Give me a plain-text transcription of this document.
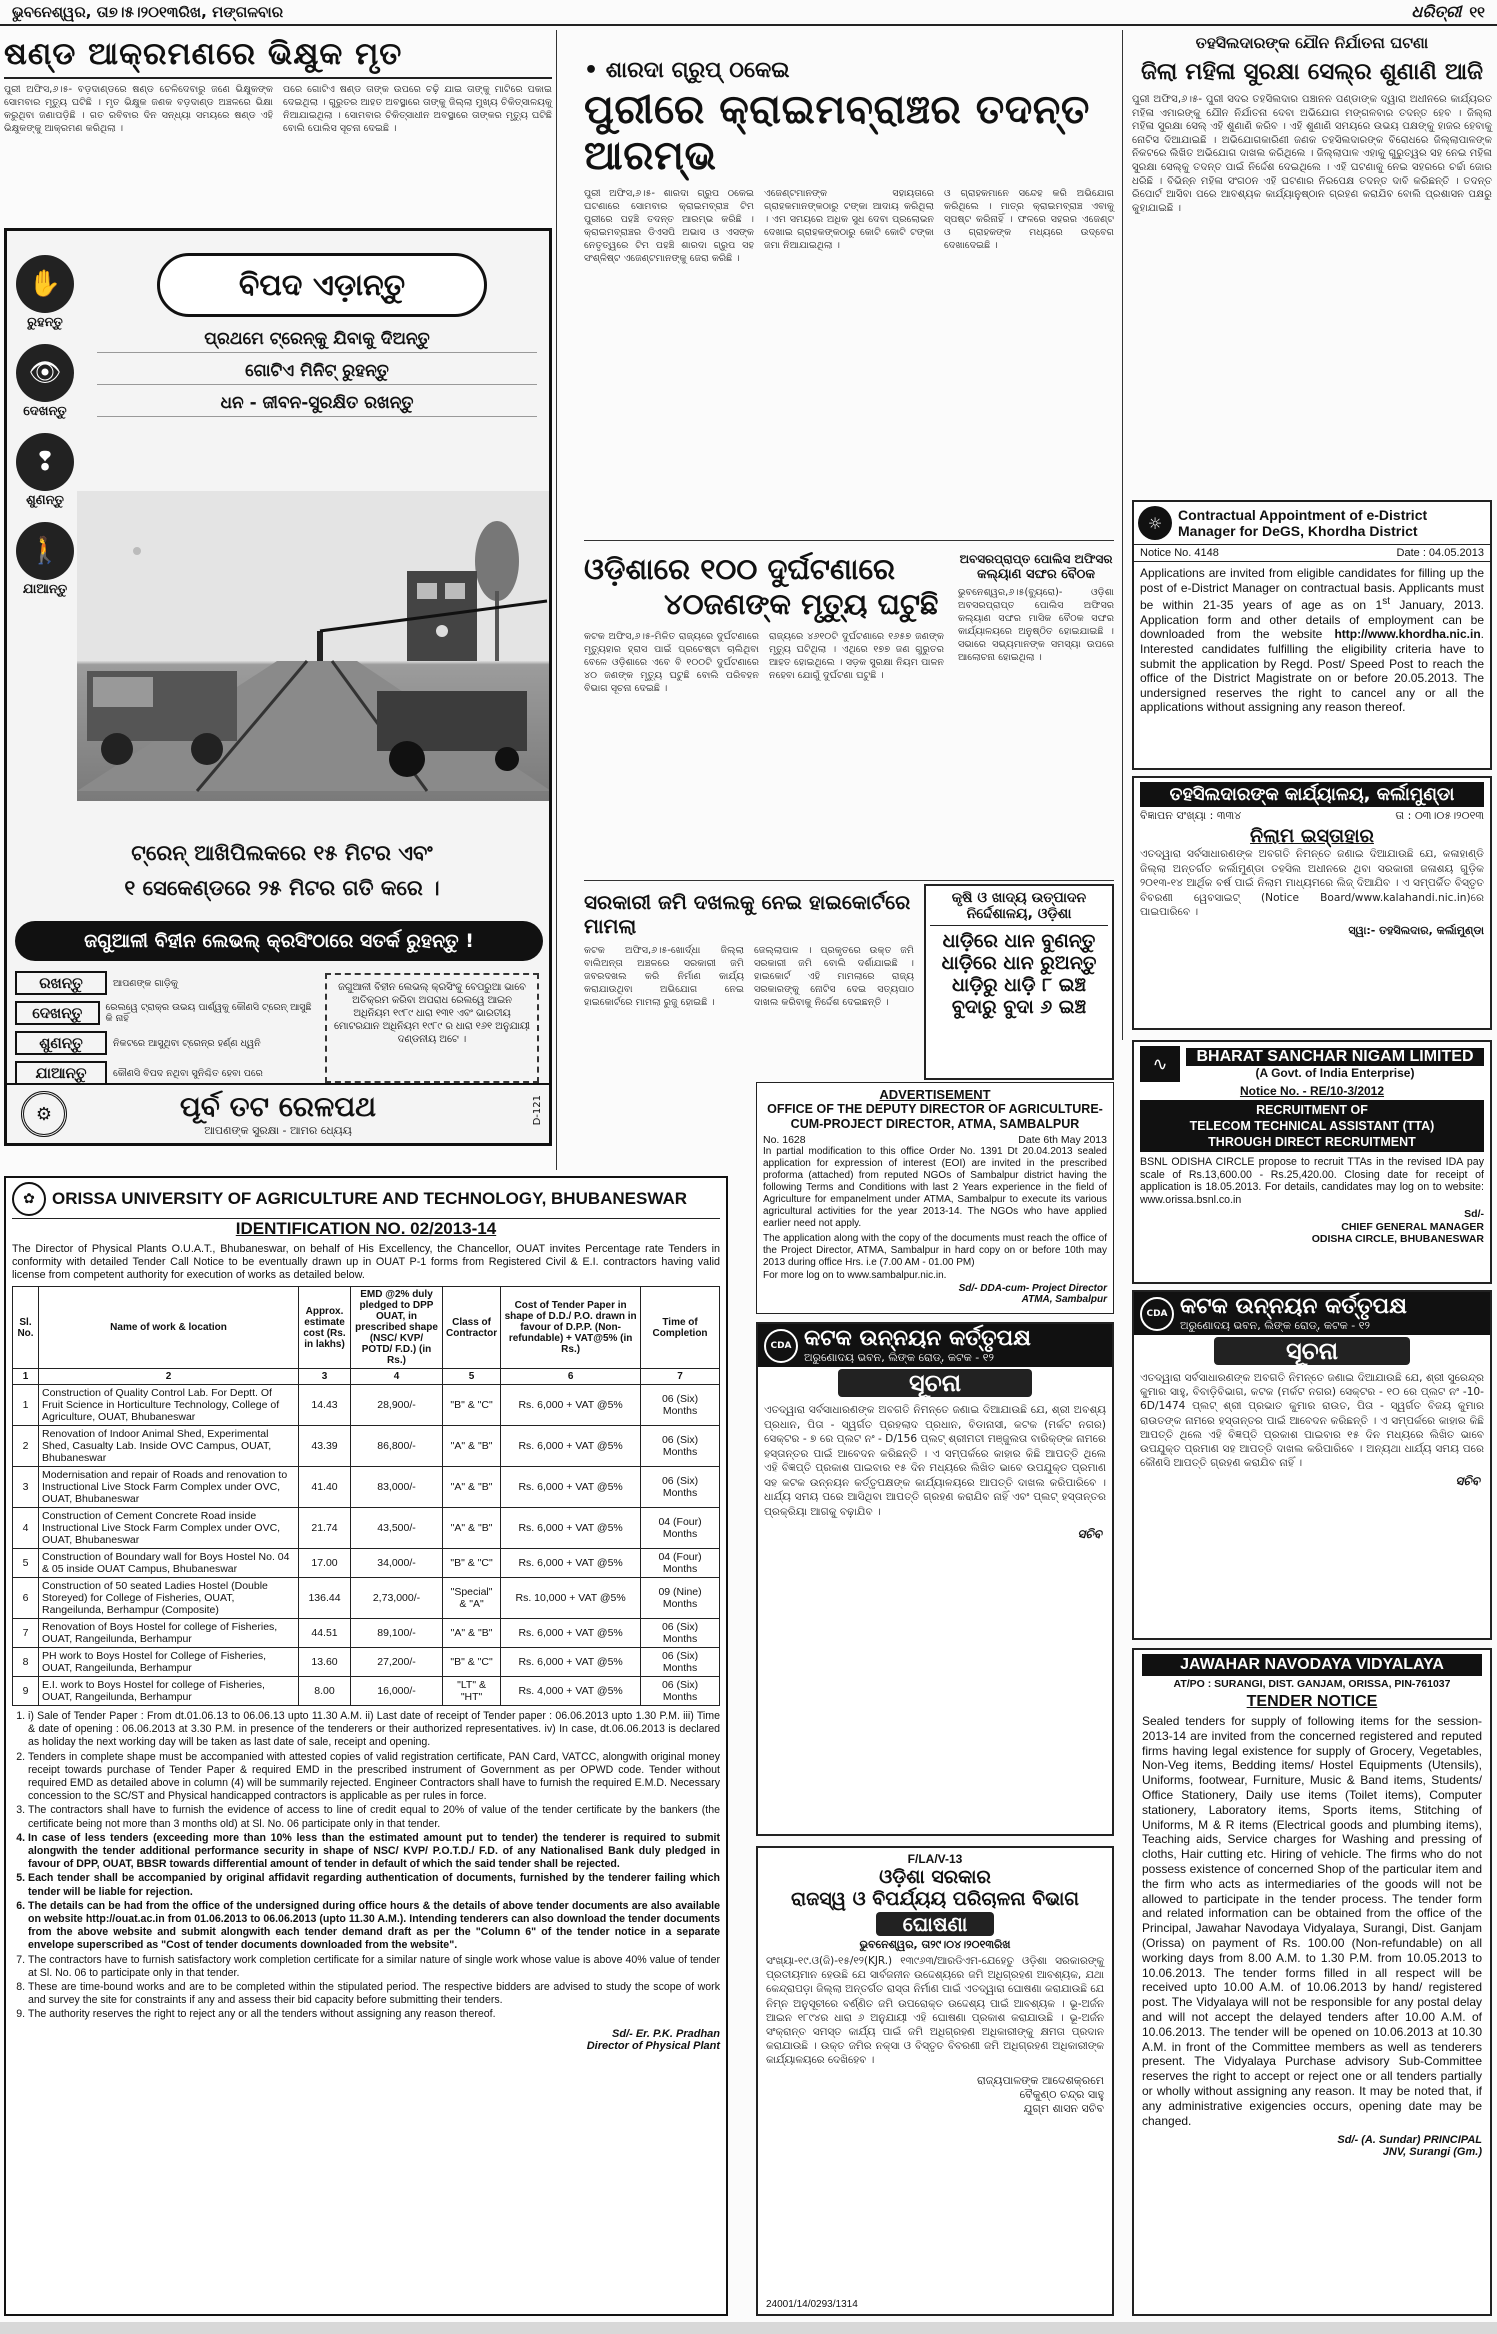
ଭୁବନେଶ୍ୱର, ତା୭।୫।୨୦୧୩ରିଖ, ମଙ୍ଗଳବାର	ଧରିତ୍ରୀ ୧୧
ଷଣ୍ଡ ଆକ୍ରମଣରେ ଭିକ୍ଷୁକ ମୃତ
ପୁରୀ ଅଫିସ,୬।୫- ବଡ଼ଦାଣ୍ଡରେ ଷଣ୍ଡ ଚେଳିଦେବାରୁ ଜଣେ ଭିକ୍ଷୁକଙ୍କ ସୋମବାର ମୃତ୍ୟୁ ଘଟିଛି । ମୃତ ଭିକ୍ଷୁକ ଜଣକ ବଡ଼ଦାଣ୍ଡ ଅଞ୍ଚଳରେ ଭିକ୍ଷା କରୁଥିବା ଜଣାପଡ଼ିଛି । ଗତ ରବିବାର ଦିନ ସନ୍ଧ୍ୟା ସମୟରେ ଷଣ୍ଡ ଏହି ଭିକ୍ଷୁକଙ୍କୁ ଆକ୍ରମଣ କରିଥିଲା ।
ପରେ ଗୋଟିଏ ଷଣ୍ଡ ତାଙ୍କ ଉପରେ ଚଢ଼ି ଯାଇ ତାଙ୍କୁ ମାଟିରେ ପକାଇ ଦେଇଥିଲା । ଗୁରୁତର ଆହତ ଅବସ୍ଥାରେ ତାଙ୍କୁ ଜିଲ୍ଲା ମୁଖ୍ୟ ଚିକିତ୍ସାଳୟକୁ ନିଆଯାଇଥିଲା । ସୋମବାର ଚିକିତ୍ସାଧୀନ ଅବସ୍ଥାରେ ତାଙ୍କର ମୃତ୍ୟୁ ଘଟିଛି ବୋଲି ପୋଲିସ ସୂଚନା ଦେଇଛି ।
✋
ରୁହନ୍ତୁ
👁
ଦେଖନ୍ତୁ
❢
ଶୁଣନ୍ତୁ
🚶
ଯାଆନ୍ତୁ
ବିପଦ ଏଡ଼ାନ୍ତୁ
ପ୍ରଥମେ ଟ୍ରେନ୍‌କୁ ଯିବାକୁ ଦିଅନ୍ତୁ
ଗୋଟିଏ ମିନିଟ୍ ରୁହନ୍ତୁ
ଧନ - ଜୀବନ-ସୁରକ୍ଷିତ ରଖନ୍ତୁ
ଟ୍ରେନ୍ ଆଖିପିଲକରେ ୧୫ ମିଟର ଏବଂ
୧ ସେକେଣ୍ଡରେ ୨୫ ମିଟର ଗତି କରେ ।
ଜଗୁଆଳୀ ବିହୀନ ଲେଭଲ୍ କ୍ରସିଂଠାରେ ସତର୍କ ରୁହନ୍ତୁ !
ରଖନ୍ତୁ	ଆପଣଙ୍କ ଗାଡ଼ିକୁ
ଦେଖନ୍ତୁ	ରେଲୱେ ଟ୍ରାକ୍‌ର ଉଭୟ ପାର୍ଶ୍ୱକୁ କୌଣସି ଟ୍ରେନ୍ ଆସୁଛି କି ନାହିଁ
ଶୁଣନ୍ତୁ	ନିକଟରେ ଆସୁଥିବା ଟ୍ରେନ୍‌ର ହର୍ଣ୍ଣ ଧ୍ୱନି
ଯାଆନ୍ତୁ	କୌଣସି ବିପଦ ନଥିବା ସୁନିଶ୍ଚିତ ହେବା ପରେ
ଜଗୁଆଳୀ ବିହୀନ ଲେଭଲ୍ କ୍ରସିଂକୁ ବେପରୁଆ ଭାବେ ଅତିକ୍ରମ କରିବା ଅପରାଧ ରେଲୱେ ଆଇନ ଅଧିନିୟମ ୧୯୮୯ ଧାରା ୧୩୧ ଏବଂ ଭାରତୀୟ ମୋଟରଯାନ ଅଧିନିୟମ ୧୯୮୯ ର ଧାରା ୧୬୧ ଅନୁଯାୟୀ ଦଣ୍ଡନୀୟ ଅଟେ ।
⚙	ପୂର୍ବ ତଟ ରେଳପଥ
ଆପଣଙ୍କ ସୁରକ୍ଷା - ଆମର ଧ୍ୟେୟ
D-121
✿	ORISSA UNIVERSITY OF AGRICULTURE AND TECHNOLOGY, BHUBANESWAR
IDENTIFICATION NO. 02/2013-14
The Director of Physical Plants O.U.A.T., Bhubaneswar, on behalf of His Excellency, the Chancellor, OUAT invites Percentage rate Tenders in conformity with detailed Tender Call Notice to be eventually drawn up in OUAT P-1 forms from Registered Civil & E.I. contractors having valid license from competent authority for execution of works as detailed below.
Sl. No.	Name of work & location	Approx. estimate cost (Rs. in lakhs)	EMD @2% duly pledged to DPP OUAT, in prescribed shape (NSC/ KVP/ POTD/ F.D.) (in Rs.)	Class of Contractor	Cost of Tender Paper in shape of D.D./ P.O. drawn in favour of D.P.P. (Non-refundable) + VAT@5% (in Rs.)	Time of Completion
1	2	3	4	5	6	7
1	Construction of Quality Control Lab. For Deptt. Of Fruit Science in Horticulture Technology, College of Agriculture, OUAT, Bhubaneswar	14.43	28,900/-	"B" & "C"	Rs. 6,000 + VAT @5%	06 (Six) Months
2	Renovation of Indoor Animal Shed, Experimental Shed, Casualty Lab. Inside OVC Campus, OUAT, Bhubaneswar	43.39	86,800/-	"A" & "B"	Rs. 6,000 + VAT @5%	06 (Six) Months
3	Modernisation and repair of Roads and renovation to Instructional Live Stock Farm Complex under OVC, OUAT, Bhubaneswar	41.40	83,000/-	"A" & "B"	Rs. 6,000 + VAT @5%	06 (Six) Months
4	Construction of Cement Concrete Road inside Instructional Live Stock Farm Complex under OVC, OUAT, Bhubaneswar	21.74	43,500/-	"A" & "B"	Rs. 6,000 + VAT @5%	04 (Four) Months
5	Construction of Boundary wall for Boys Hostel No. 04 & 05 inside OUAT Campus, Bhubaneswar	17.00	34,000/-	"B" & "C"	Rs. 6,000 + VAT @5%	04 (Four) Months
6	Construction of 50 seated Ladies Hostel (Double Storeyed) for College of Fisheries, OUAT, Rangeilunda, Berhampur (Composite)	136.44	2,73,000/-	"Special" & "A"	Rs. 10,000 + VAT @5%	09 (Nine) Months
7	Renovation of Boys Hostel for college of Fisheries, OUAT, Rangeilunda, Berhampur	44.51	89,100/-	"A" & "B"	Rs. 6,000 + VAT @5%	06 (Six) Months
8	PH work to Boys Hostel for College of Fisheries, OUAT, Rangeilunda, Berhampur	13.60	27,200/-	"B" & "C"	Rs. 6,000 + VAT @5%	06 (Six) Months
9	E.I. work to Boys Hostel for college of Fisheries, OUAT, Rangeilunda, Berhampur	8.00	16,000/-	"LT" & "HT"	Rs. 4,000 + VAT @5%	06 (Six) Months
1. i) Sale of Tender Paper : From dt.01.06.13 to 06.06.13 upto 11.30 A.M. ii) Last date of receipt of Tender paper : 06.06.2013 upto 1.30 P.M. iii) Time & date of opening : 06.06.2013 at 3.30 P.M. in presence of the tenderers or their authorized representatives. iv) In case, dt.06.06.2013 is declared as holiday the next working day will be taken as last date of sale, receipt and opening.
2. Tenders in complete shape must be accompanied with attested copies of valid registration certificate, PAN Card, VATCC, alongwith original money receipt towards purchase of Tender Paper & required EMD in the prescribed instrument of Government as per OPWD code. Tender without required EMD as detailed above in column (4) will be summarily rejected. Engineer Contractors shall have to furnish the required E.M.D. Necessary concession to the SC/ST and Physical handicapped contractors is applicable as per rules in force.
3. The contractors shall have to furnish the evidence of access to line of credit equal to 20% of value of the tender certificate by the bankers (the certificate being not more than 3 months old) at Sl. No. 06 participate only in that tender.
4. In case of less tenders (exceeding more than 10% less than the estimated amount put to tender) the tenderer is required to submit alongwith the tender additional performance security in shape of NSC/ KVP/ P.O.T.D./ F.D. of any Nationalised Bank duly pledged in favour of DPP, OUAT, BBSR towards differential amount of tender in default of which the said tender shall be rejected.
5. Each tender shall be accompanied by original affidavit regarding authentication of documents, furnished by the tenderer failing which tender will be liable for rejection.
6. The details can be had from the office of the undersigned during office hours & the details of above tender documents are also available on website http://ouat.ac.in from 01.06.2013 to 06.06.2013 (upto 11.30 A.M.). Intending tenderers can also download the tender documents from the above website and submit alongwith each tender demand draft as per the "Column 6" of the tender notice in a separate envelope superscribed as "Cost of tender documents downloaded from the website".
7. The contractors have to furnish satisfactory work completion certificate for a similar nature of single work whose value is above 40% value of tender at Sl. No. 06 to participate only in that tender.
8. These are time-bound works and are to be completed within the stipulated period. The respective bidders are advised to study the scope of work and survey the site for constraints if any and assess their bid capacity before submitting their tenders.
9. The authority reserves the right to reject any or all the tenders without assigning any reason thereof.
Sd/- Er. P.K. Pradhan
Director of Physical Plant
• ଶାରଦା ଗ୍ରୁପ୍ ଠକେଇ
ପୁରୀରେ କ୍ରାଇମବ୍ରାଞ୍ଚର ତଦନ୍ତ ଆରମ୍ଭ
ପୁରୀ ଅଫିସ,୬।୫- ଶାରଦା ଗ୍ରୁପ ଠକେଇ ଘଟଣାରେ ସୋମବାର କ୍ରାଇମବ୍ରାଞ୍ଚ ଟିମ ପୁରୀରେ ପହଞ୍ଚି ତଦନ୍ତ ଆରମ୍ଭ କରିଛି । କ୍ରାଇମବ୍ରାଞ୍ଚର ଡିଏସପି ଅଭାସ ଓ ଏସଙ୍କ ନେତୃତ୍ୱରେ ଟିମ ପହଞ୍ଚି ଶାରଦା ଗ୍ରୁପ ସହ ସଂଶ୍ଳିଷ୍ଟ ଏଜେଣ୍ଟମାନଙ୍କୁ ଜେରା କରିଛି ।
ଏଜେଣ୍ଟମାନଙ୍କ ସହାୟତାରେ ଗ୍ରାହକମାନଙ୍କଠାରୁ ଟଙ୍କା ଆଦାୟ କରିଥିଲା । ଏମ ସମୟରେ ଅଧିକ ସୁଧ ଦେବା ପ୍ରଲୋଭନ ଦେଖାଇ ଗ୍ରାହକଙ୍କଠାରୁ କୋଟି କୋଟି ଟଙ୍କା ଜମା ନିଆଯାଇଥିଲା ।
ଓ ଗ୍ରାହକମାନେ ସନ୍ଦେହ କରି ଅଭିଯୋଗ କରିଥିଲେ । ମାତ୍ର କ୍ରାଇମବ୍ରାଞ୍ଚ ଏବାକୁ ସ୍ପଷ୍ଟ କରିନାହିଁ । ଫଳରେ ସହରର ଏଜେଣ୍ଟ ଓ ଗ୍ରାହକଙ୍କ ମଧ୍ୟରେ ଉଦ୍‌ବେଗ ଦେଖାଦେଇଛି ।
ଓଡ଼ିଶାରେ ୧୦୦ ଦୁର୍ଘଟଣାରେ
୪୦ଜଣଙ୍କ ମୃତ୍ୟୁ ଘଟୁଛି
କଟକ ଅଫିସ,୬।୫-ମିଳିତ ରାଜ୍ୟରେ ଦୁର୍ଘଟଣାରେ ମୃତ୍ୟୁହାର ହ୍ରାସ ପାଇଁ ପ୍ରଚେଷ୍ଟା ଚାଲିଥିବା ବେଳେ ଓଡ଼ିଶାରେ ଏବେ ବି ୧୦୦ଟି ଦୁର୍ଘଟଣାରେ ୪୦ ଜଣଙ୍କ ମୃତ୍ୟୁ ଘଟୁଛି ବୋଲି ପରିବହନ ବିଭାଗ ସୂଚନା ଦେଇଛି ।
ରାଜ୍ୟରେ ୪୬୧୦ଟି ଦୁର୍ଘଟଣାରେ ୧୬୫୭ ଜଣଙ୍କ ମୃତ୍ୟୁ ଘଟିଥିଲା । ଏଥିରେ ୧୭୭ ଜଣ ଗୁରୁତର ଆହତ ହୋଇଥିଲେ । ସଡ଼କ ସୁରକ୍ଷା ନିୟମ ପାଳନ ନହେବା ଯୋଗୁଁ ଦୁର୍ଘଟଣା ଘଟୁଛି ।
ଅବସରପ୍ରାପ୍ତ ପୋଲିସ ଅଫିସର
କଲ୍ୟାଣ ସଙ୍ଘର ବୈଠକ
ଭୁବନେଶ୍ୱର,୬।୫(ବ୍ୟୁରୋ)- ଓଡ଼ିଶା ଅବସରପ୍ରାପ୍ତ ପୋଲିସ ଅଫିସର କଲ୍ୟାଣ ସଙ୍ଘର ମାସିକ ବୈଠକ ସଙ୍ଘର କାର୍ଯ୍ୟାଳୟରେ ଅନୁଷ୍ଠିତ ହୋଇଯାଇଛି । ସଭାରେ ସଭ୍ୟମାନଙ୍କ ସମସ୍ୟା ଉପରେ ଆଲୋଚନା ହୋଇଥିଲା ।
ସରକାରୀ ଜମି ଦଖଲକୁ ନେଇ ହାଇକୋର୍ଟରେ ମାମଲା
କଟକ ଅଫିସ,୬।୫-ଖୋର୍ଦ୍ଧା ଜିଲ୍ଲା ବାଲିଅନ୍ତା ଅଞ୍ଚଳରେ ସରକାରୀ ଜମି ଜବରଦଖଲ କରି ନିର୍ମାଣ କାର୍ଯ୍ୟ କରାଯାଉଥିବା ଅଭିଯୋଗ ନେଇ ହାଇକୋର୍ଟରେ ମାମଲା ରୁଜୁ ହୋଇଛି ।
ଜେଲ୍ଲାପାଳ । ପ୍ରକୃତରେ ଉକ୍ତ ଜମି ସରକାରୀ ଜମି ବୋଲି ଦର୍ଶାଯାଇଛି । ହାଇକୋର୍ଟ ଏହି ମାମଲାରେ ରାଜ୍ୟ ସରକାରଙ୍କୁ ନୋଟିସ ଦେଇ ସତ୍ୟପାଠ ଦାଖଲ କରିବାକୁ ନିର୍ଦ୍ଦେଶ ଦେଇଛନ୍ତି ।
କୃଷି ଓ ଖାଦ୍ୟ ଉତ୍ପାଦନ
ନିର୍ଦ୍ଦେଶାଳୟ, ଓଡ଼ିଶା
ଧାଡ଼ିରେ ଧାନ ବୁଣନ୍ତୁ
ଧାଡ଼ିରେ ଧାନ ରୁଅନ୍ତୁ
ଧାଡ଼ିରୁ ଧାଡ଼ି ୮ ଇଞ୍ଚ
ବୁଦାରୁ ବୁଦା ୬ ଇଞ୍ଚ
ADVERTISEMENT
OFFICE OF THE DEPUTY DIRECTOR OF AGRICULTURE-CUM-PROJECT DIRECTOR, ATMA, SAMBALPUR
No. 1628	Date 6th May 2013
In partial modification to this office Order No. 1391 Dt 20.04.2013 sealed application for expression of interest (EOI) are invited in the prescribed proforma (attached) from reputed NGOs of Sambalpur district having the following Terms and Conditions with last 2 Years experience in the field of Agriculture for empanelment under ATMA, Sambalpur to execute its various agricultural activities for the year 2013-14. The NGOs who have applied earlier need not apply.
The application along with the copy of the documents must reach the office of the Project Director, ATMA, Sambalpur in hard copy on or before 10th may 2013 during office Hrs. i.e (7.00 AM - 01.00 PM)
For more log on to www.sambalpur.nic.in.
Sd/- DDA-cum- Project Director
ATMA, Sambalpur
CDA କଟକ ଉନ୍ନୟନ କର୍ତ୍ତୃପକ୍ଷ
ଅରୁଣୋଦୟ ଭବନ, ଲିଙ୍କ ରୋଡ୍, କଟକ - ୧୨
ସୂଚନା
ଏତଦ୍ୱାରା ସର୍ବସାଧାରଣଙ୍କ ଅବଗତି ନିମନ୍ତେ ଜଣାଇ ଦିଆଯାଉଛି ଯେ, ଶ୍ରୀ ଅବଶ୍ୟ ପ୍ରଧାନ, ପିତା - ସ୍ୱର୍ଗତ ପ୍ରହଲାଦ ପ୍ରଧାନ, ବିଡାନାସୀ, କଟକ (ମର୍କଟ ନଗର) ସେକ୍ଟର - ୭ ରେ ପ୍ଲଟ ନଂ - D/156 ପ୍ଲଟ୍ ଶ୍ରୀମତୀ ମଞ୍ଜୁଲତା ବାରିକ୍ଙ୍କ ନାମରେ ହସ୍ତାନ୍ତର ପାଇଁ ଆବେଦନ କରିଛନ୍ତି । ଏ ସମ୍ପର୍କରେ କାହାର କିଛି ଆପତ୍ତି ଥିଲେ ଏହି ବିଜ୍ଞପ୍ତି ପ୍ରକାଶ ପାଇବାର ୧୫ ଦିନ ମଧ୍ୟରେ ଲିଖିତ ଭାବେ ଉପଯୁକ୍ତ ପ୍ରମାଣ ସହ କଟକ ଉନ୍ନୟନ କର୍ତ୍ତୃପକ୍ଷଙ୍କ କାର୍ଯ୍ୟାଳୟରେ ଆପତ୍ତି ଦାଖଲ କରିପାରିବେ । ଧାର୍ଯ୍ୟ ସମୟ ପରେ ଆସିଥିବା ଆପତ୍ତି ଗ୍ରହଣ କରାଯିବ ନାହିଁ ଏବଂ ପ୍ଲଟ୍ ହସ୍ତାନ୍ତର ପ୍ରକ୍ରିୟା ଆଗକୁ ବଢ଼ାଯିବ ।
ସଚିବ
F/LA/V-13
ଓଡ଼ିଶା ସରକାର
ରାଜସ୍ୱ ଓ ବିପର୍ଯ୍ୟୟ ପରିଚାଳନା ବିଭାଗ
ଘୋଷଣା
ଭୁବନେଶ୍ୱର, ତା୨୯।୦୪।୨୦୧୩ରିଖ
ସଂଖ୍ୟା-୧୯.ଓ(ଜି)-୧୫/୧୨(KJR.) ୧୩୯୬୩/ଆରଡିଏମ-ଯେହେତୁ ଓଡ଼ିଶା ସରକାରଙ୍କୁ ପ୍ରତୀୟମାନ ହେଉଛି ଯେ ସାର୍ବଜନୀନ ଉଦ୍ଦେଶ୍ୟରେ ଜମି ଅଧିଗ୍ରହଣ ଆବଶ୍ୟକ, ଯଥା କେନ୍ଦ୍ରାପଡ଼ା ଜିଲ୍ଲା ଅନ୍ତର୍ଗତ ରାସ୍ତା ନିର୍ମାଣ ପାଇଁ ଏତଦ୍ୱାରା ଘୋଷଣା କରାଯାଉଛି ଯେ ନିମ୍ନ ଅନୁସୂଚୀରେ ବର୍ଣ୍ଣିତ ଜମି ଉପରୋକ୍ତ ଉଦ୍ଦେଶ୍ୟ ପାଇଁ ଆବଶ୍ୟକ । ଭୂ-ଅର୍ଜନ ଆଇନ ୧୮୯୪ର ଧାରା ୬ ଅନୁଯାୟୀ ଏହି ଘୋଷଣା ପ୍ରକାଶ କରାଯାଉଛି । ଭୂ-ଅର୍ଜନ ସଂକ୍ରାନ୍ତ ସମସ୍ତ କାର୍ଯ୍ୟ ପାଇଁ ଜମି ଅଧିଗ୍ରହଣ ଅଧିକାରୀଙ୍କୁ କ୍ଷମତା ପ୍ରଦାନ କରାଯାଉଛି । ଉକ୍ତ ଜମିର ନକ୍ସା ଓ ବିସ୍ତୃତ ବିବରଣୀ ଜମି ଅଧିଗ୍ରହଣ ଅଧିକାରୀଙ୍କ କାର୍ଯ୍ୟାଳୟରେ ଦେଖିହେବ ।
ରାଜ୍ୟପାଳଙ୍କ ଆଦେଶକ୍ରମେ
ବୈକୁଣ୍ଠ ଚନ୍ଦ୍ର ସାହୁ
ଯୁଗ୍ମ ଶାସନ ସଚିବ
24001/14/0293/1314
ତହସିଲଦାରଙ୍କ ଯୌନ ନିର୍ଯାତନା ଘଟଣା
ଜିଲା ମହିଳା ସୁରକ୍ଷା ସେଲ୍‌ର ଶୁଣାଣି ଆଜି
ପୁରୀ ଅଫିସ,୬।୫- ପୁରୀ ସଦର ତହସିଲଦାର ପଞ୍ଚାନନ ପଣ୍ଡାଙ୍କ ଦ୍ୱାରା ଅଧୀନରେ କାର୍ଯ୍ୟରତ ମହିଳା ଏମାରଙ୍କୁ ଯୌନ ନିର୍ଯାତନା ଦେବା ଅଭିଯୋଗ ମଙ୍ଗଳବାର ତଦନ୍ତ ହେବ । ଜିଲ୍ଲା ମହିଳା ସୁରକ୍ଷା ସେଲ୍ ଏହି ଶୁଣାଣି କରିବ । ଏହି ଶୁଣାଣି ସମୟରେ ଉଭୟ ପକ୍ଷଙ୍କୁ ହାଜର ହେବାକୁ ନୋଟିସ ଦିଆଯାଇଛି । ଅଭିଯୋଗକାରିଣୀ ଜଣକ ତହସିଲଦାରଙ୍କ ବିରୋଧରେ ଜିଲ୍ଲାପାଳଙ୍କ ନିକଟରେ ଲିଖିତ ଅଭିଯୋଗ ଦାଖଲ କରିଥିଲେ । ଜିଲ୍ଲାପାଳ ଏହାକୁ ଗୁରୁତ୍ୱର ସହ ନେଇ ମହିଳା ସୁରକ୍ଷା ସେଲ୍‌କୁ ତଦନ୍ତ ପାଇଁ ନିର୍ଦ୍ଦେଶ ଦେଇଥିଲେ । ଏହି ଘଟଣାକୁ ନେଇ ସହରରେ ଚର୍ଚ୍ଚା ଜୋର ଧରିଛି । ବିଭିନ୍ନ ମହିଳା ସଂଗଠନ ଏହି ଘଟଣାର ନିରପେକ୍ଷ ତଦନ୍ତ ଦାବି କରିଛନ୍ତି । ତଦନ୍ତ ରିପୋର୍ଟ ଆସିବା ପରେ ଆବଶ୍ୟକ କାର୍ଯ୍ୟାନୁଷ୍ଠାନ ଗ୍ରହଣ କରାଯିବ ବୋଲି ପ୍ରଶାସନ ପକ୍ଷରୁ କୁହାଯାଇଛି ।
☼	Contractual Appointment of e-District
Manager for DeGS, Khordha District
Notice No. 4148	Date : 04.05.2013
Applications are invited from eligible candidates for filling up the post of e-District Manager on contractual basis. Applicants must be within 21-35 years of age as on 1st January, 2013. Application form and other details of employment can be downloaded from the website http://www.khordha.nic.in. Interested candidates fulfilling the eligibility criteria have to submit the application by Regd. Post/ Speed Post to reach the office of the District Magistrate on or before 20.05.2013. The undersigned reserves the right to cancel any or all the applications without assigning any reason thereof.
ତହସିଲଦାରଙ୍କ କାର୍ଯ୍ୟାଳୟ, କର୍ଲାମୁଣ୍ଡା
ବିଜ୍ଞାପନ ସଂଖ୍ୟା : ୩୩୪	ତା : ୦୩।୦୫।୨୦୧୩
ନିଲାମ ଇସ୍ତାହାର
ଏତଦ୍ୱାରା ସର୍ବସାଧାରଣଙ୍କ ଅବଗତି ନିମନ୍ତେ ଜଣାଇ ଦିଆଯାଉଛି ଯେ, କଳାହାଣ୍ଡି ଜିଲ୍ଲା ଅନ୍ତର୍ଗତ କର୍ଲାମୁଣ୍ଡା ତହସିଲ ଅଧୀନରେ ଥିବା ସରକାରୀ ଜଳାଶୟ ଗୁଡ଼ିକ ୨୦୧୩-୧୪ ଆର୍ଥିକ ବର୍ଷ ପାଇଁ ନିଲାମ ମାଧ୍ୟମରେ ଲିଜ୍ ଦିଆଯିବ । ଏ ସମ୍ପର୍କିତ ବିସ୍ତୃତ ବିବରଣୀ ୱେବସାଇଟ୍ (Notice Board/www.kalahandi.nic.in)ରେ ପାଇପାରିବେ ।
ସ୍ୱା:- ତହସିଲଦାର, କର୍ଲାମୁଣ୍ଡା
∿	BHARAT SANCHAR NIGAM LIMITED
(A Govt. of India Enterprise)
Notice No. - RE/10-3/2012
RECRUITMENT OF
TELECOM TECHNICAL ASSISTANT (TTA)
THROUGH DIRECT RECRUITMENT
BSNL ODISHA CIRCLE propose to recruit TTAs in the revised IDA pay scale of Rs.13,600.00 - Rs.25,420.00. Closing date for receipt of application is 18.05.2013. For details, candidates may log on to website: www.orissa.bsnl.co.in
Sd/-
CHIEF GENERAL MANAGER
ODISHA CIRCLE, BHUBANESWAR
CDA କଟକ ଉନ୍ନୟନ କର୍ତ୍ତୃପକ୍ଷ
ଅରୁଣୋଦୟ ଭବନ, ଲିଙ୍କ ରୋଡ୍, କଟକ - ୧୨
ସୂଚନା
ଏତଦ୍ୱାରା ସର୍ବସାଧାରଣଙ୍କ ଅବଗତି ନିମନ୍ତେ ଜଣାଇ ଦିଆଯାଉଛି ଯେ, ଶ୍ରୀ ସୁରେନ୍ଦ୍ର କୁମାର ସାହୁ, ବିବାଡ଼ିବିଭାଗ, କଟକ (ମର୍କଟ ନଗର) ସେକ୍ଟର - ୧୦ ରେ ପ୍ଲଟ ନଂ -10-6D/1474 ପ୍ଲଟ୍ ଶ୍ରୀ ପ୍ରଭାତ କୁମାର ରାଉତ, ପିତା - ସ୍ୱର୍ଗତ ବିଜୟ କୁମାର ରାଉତଙ୍କ ନାମରେ ହସ୍ତାନ୍ତର ପାଇଁ ଆବେଦନ କରିଛନ୍ତି । ଏ ସମ୍ପର୍କରେ କାହାର କିଛି ଆପତ୍ତି ଥିଲେ ଏହି ବିଜ୍ଞପ୍ତି ପ୍ରକାଶ ପାଇବାର ୧୫ ଦିନ ମଧ୍ୟରେ ଲିଖିତ ଭାବେ ଉପଯୁକ୍ତ ପ୍ରମାଣ ସହ ଆପତ୍ତି ଦାଖଲ କରିପାରିବେ । ଅନ୍ୟଥା ଧାର୍ଯ୍ୟ ସମୟ ପରେ କୌଣସି ଆପତ୍ତି ଗ୍ରହଣ କରାଯିବ ନାହିଁ ।
ସଚିବ
JAWAHAR NAVODAYA VIDYALAYA
AT/PO : SURANGI, DIST. GANJAM, ORISSA, PIN-761037
TENDER NOTICE
Sealed tenders for supply of following items for the session-2013-14 are invited from the concerned registered and reputed firms having legal existence for supply of Grocery, Vegetables, Non-Veg items, Bedding items/ Hostel Equipments (Utensils), Uniforms, footwear, Furniture, Music & Band items, Students/ Office Stationery, Daily use items (Toilet items), Computer stationery, Laboratory items, Sports items, Stitching of Uniforms, M & R items (Electrical goods and plumbing items), Teaching aids, Service charges for Washing and pressing of cloths, Hair cutting etc. Hiring of vehicle. The firms who do not possess existence of concerned Shop of the particular item and the firm who acts as intermediaries of the goods will not be allowed to participate in the tender process. The tender form and related information can be obtained from the office of the Principal, Jawahar Navodaya Vidyalaya, Surangi, Dist. Ganjam (Orissa) on payment of Rs. 100.00 (Non-refundable) on all working days from 8.00 A.M. to 1.30 P.M. from 10.05.2013 to 10.06.2013. The tender forms filled in all respect will be received upto 10.00 A.M. of 10.06.2013 by hand/ registered post. The Vidyalaya will not be responsible for any postal delay and will not accept the delayed tenders after 10.00 A.M. of 10.06.2013. The tender will be opened on 10.06.2013 at 10.30 A.M. in front of the Committee members as well as tenderers present. The Vidyalaya Purchase advisory Sub-Committee reserves the right to accept or reject one or all tenders partially or wholly without assigning any reason. It may be noted that, if any administrative exigencies occurs, opening date may be changed.
Sd/- (A. Sundar) PRINCIPAL
JNV, Surangi (Gm.)
